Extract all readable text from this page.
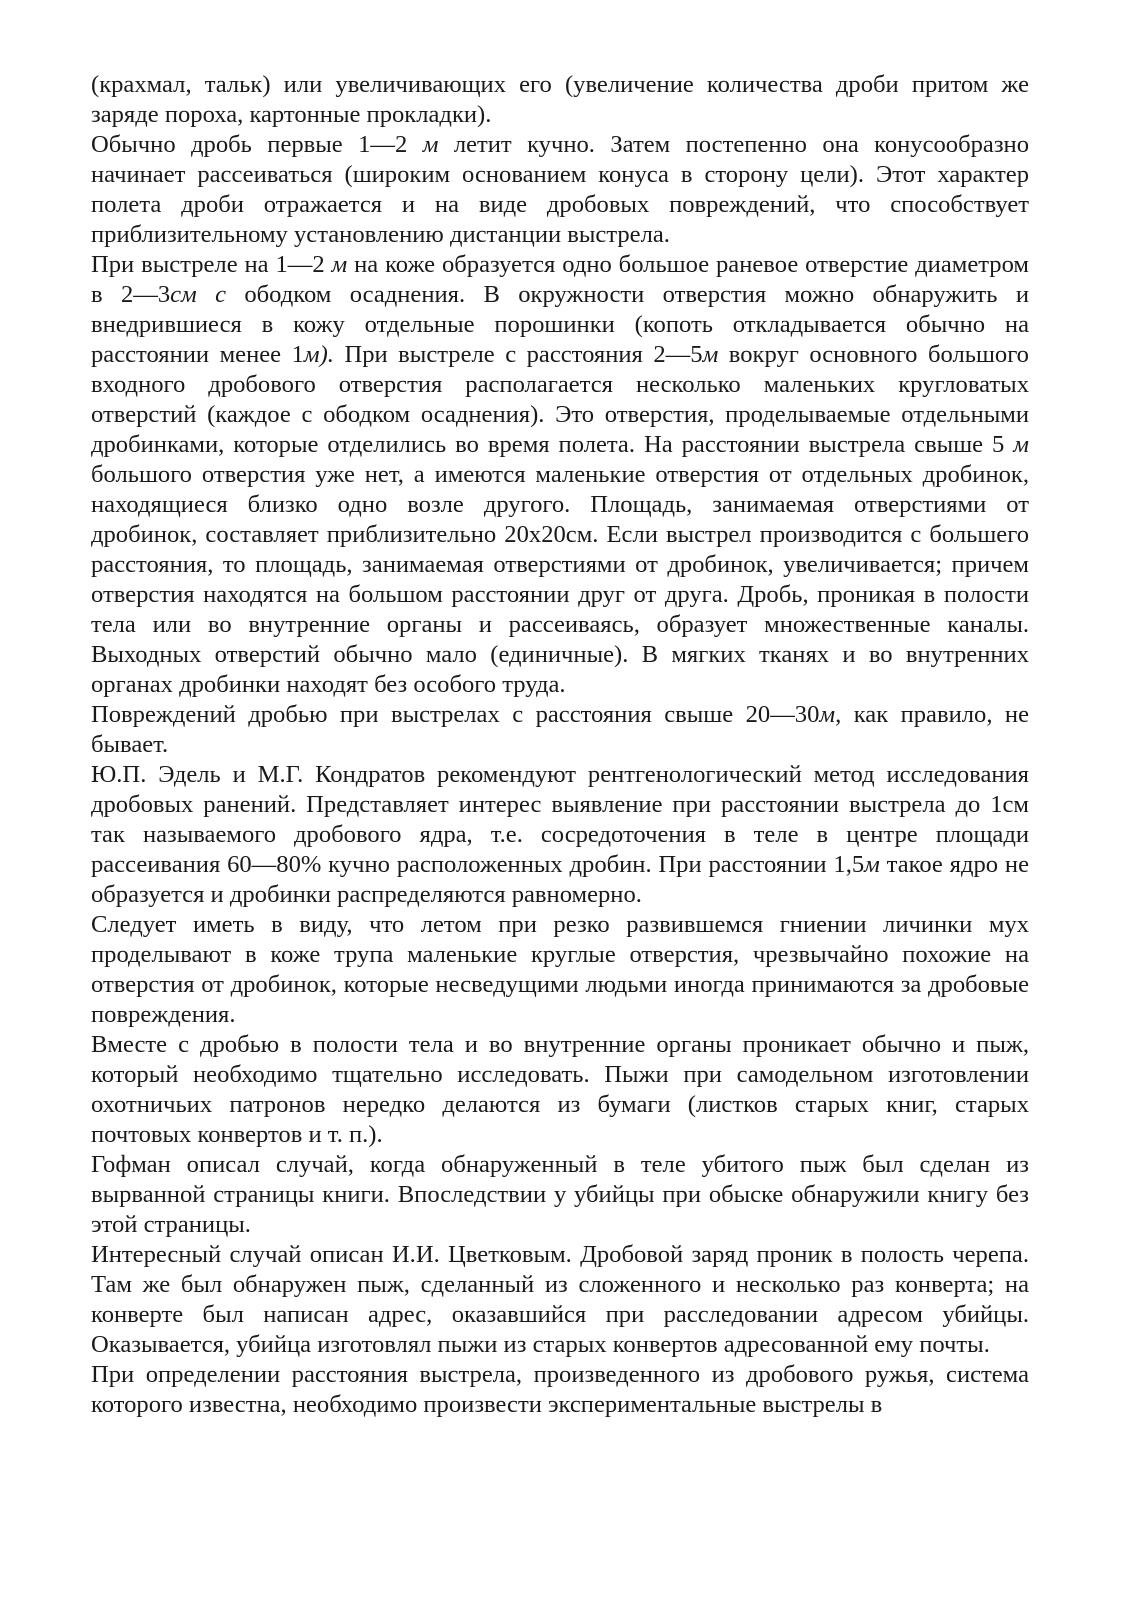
(крахмал, тальк) или увеличивающих его (увеличение количества дроби притом же заряде пороха, картонные прокладки).

Обычно дробь первые 1—2 м летит кучно. Затем постепенно она конусообразно начинает рассеиваться (широким основанием конуса в сторону цели). Этот характер полета дроби отражается и на виде дробовых повреждений, что способствует приблизительному установлению дистанции выстрела.

При выстреле на 1—2 м на коже образуется одно большое раневое отверстие диаметром в 2—3см с ободком осаднения. В окружности отверстия можно обнаружить и внедрившиеся в кожу отдельные порошинки (копоть откладывается обычно на расстоянии менее 1м). При выстреле с расстояния 2—5м вокруг основного большого входного дробового отверстия располагается несколько маленьких кругловатых отверстий (каждое с ободком осаднения). Это отверстия, проделываемые отдельными дробинками, которые отделились во время полета. На расстоянии выстрела свыше 5 м большого отверстия уже нет, а имеются маленькие отверстия от отдельных дробинок, находящиеся близко одно возле другого. Площадь, занимаемая отверстиями от дробинок, составляет приблизительно 20x20см. Если выстрел производится с большего расстояния, то площадь, занимаемая отверстиями от дробинок, увеличивается; причем отверстия находятся на большом расстоянии друг от друга. Дробь, проникая в полости тела или во внутренние органы и рассеиваясь, образует множественные каналы. Выходных отверстий обычно мало (единичные). В мягких тканях и во внутренних органах дробинки находят без особого труда.

Повреждений дробью при выстрелах с расстояния свыше 20—30м, как правило, не бывает.

Ю.П. Эдель и М.Г. Кондратов рекомендуют рентгенологический метод исследования дробовых ранений. Представляет интерес выявление при расстоянии выстрела до 1см так называемого дробового ядра, т.е. сосредоточения в теле в центре площади рассеивания 60—80% кучно расположенных дробин. При расстоянии 1,5м такое ядро не образуется и дробинки распределяются равномерно.

Следует иметь в виду, что летом при резко развившемся гниении личинки мух проделывают в коже трупа маленькие круглые отверстия, чрезвычайно похожие на отверстия от дробинок, которые несведущими людьми иногда принимаются за дробовые повреждения.

Вместе с дробью в полости тела и во внутренние органы проникает обычно и пыж, который необходимо тщательно исследовать. Пыжи при самодельном изготовлении охотничьих патронов нередко делаются из бумаги (листков старых книг, старых почтовых конвертов и т. п.).

Гофман описал случай, когда обнаруженный в теле убитого пыж был сделан из вырванной страницы книги. Впоследствии у убийцы при обыске обнаружили книгу без этой страницы.

Интересный случай описан И.И. Цветковым. Дробовой заряд проник в полость черепа. Там же был обнаружен пыж, сделанный из сложенного и несколько раз конверта; на конверте был написан адрес, оказавшийся при расследовании адресом убийцы. Оказывается, убийца изготовлял пыжи из старых конвертов адресованной ему почты.

При определении расстояния выстрела, произведенного из дробового ружья, система которого известна, необходимо произвести экспериментальные выстрелы в
